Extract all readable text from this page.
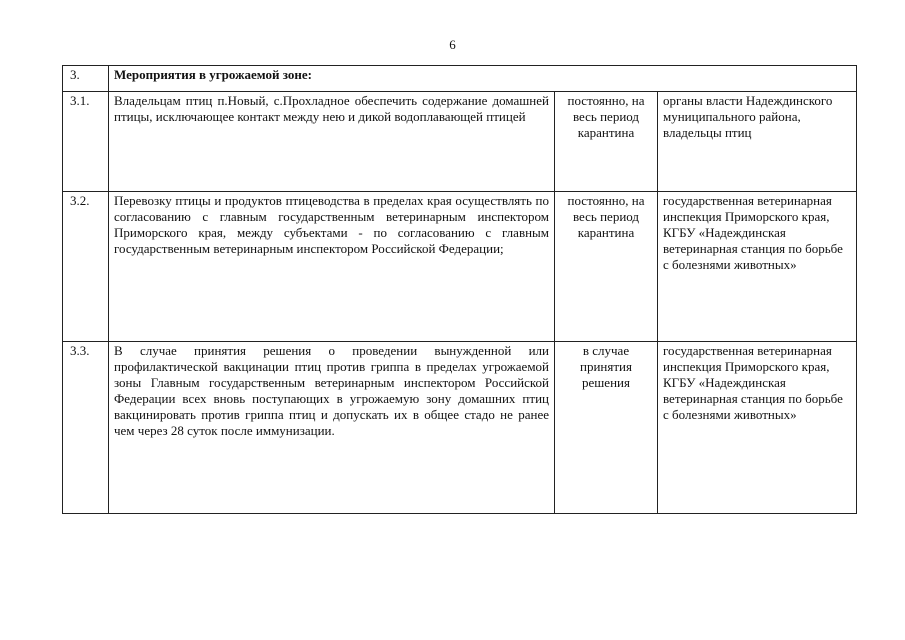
6
3.	Мероприятия в угрожаемой зоне:		
3.1.	Владельцам птиц п.Новый, с.Прохладное обеспечить содержание домашней птицы, исключающее контакт между нею и дикой водоплавающей птицей	постоянно, на весь период карантина	органы власти Надеждинского муниципального района, владельцы птиц
3.2.	Перевозку птицы и продуктов птицеводства в пределах края осуществлять по согласованию с главным государственным ветеринарным инспектором Приморского края, между субъектами - по согласованию с главным государственным ветеринарным инспектором Российской Федерации;	постоянно, на весь период карантина	государственная ветеринарная инспекция Приморского края, КГБУ «Надеждинская ветеринарная станция по борьбе с болезнями животных»
3.3.	В случае принятия решения о проведении вынужденной или профилактической вакцинации птиц против гриппа в пределах угрожаемой зоны Главным государственным ветеринарным инспектором Российской Федерации всех вновь поступающих в угрожаемую зону домашних птиц вакцинировать против гриппа птиц и допускать их в общее стадо не ранее чем через 28 суток после иммунизации.	в случае принятия решения	государственная ветеринарная инспекция Приморского края, КГБУ «Надеждинская ветеринарная станция по борьбе с болезнями животных»
